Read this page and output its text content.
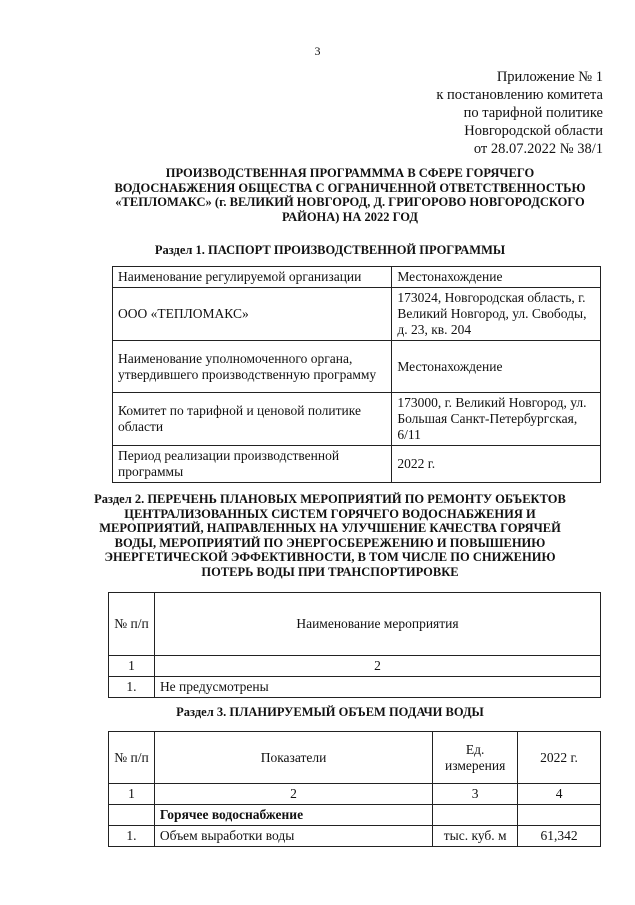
3
Приложение № 1
к постановлению комитета
по тарифной политике
Новгородской области
от 28.07.2022 № 38/1
ПРОИЗВОДСТВЕННАЯ ПРОГРАМММА В СФЕРЕ ГОРЯЧЕГО
ВОДОСНАБЖЕНИЯ ОБЩЕСТВА С ОГРАНИЧЕННОЙ ОТВЕТСТВЕННОСТЬЮ
«ТЕПЛОМАКС» (г. ВЕЛИКИЙ НОВГОРОД, Д. ГРИГОРОВО НОВГОРОДСКОГО
РАЙОНА) НА 2022 ГОД
Раздел 1. ПАСПОРТ ПРОИЗВОДСТВЕННОЙ ПРОГРАММЫ
Наименование регулируемой организации	Местонахождение
ООО «ТЕПЛОМАКС»	173024, Новгородская область, г. Великий Новгород, ул. Свободы, д. 23, кв. 204
Наименование уполномоченного органа, утвердившего производственную программу	Местонахождение
Комитет по тарифной и ценовой политике области	173000, г. Великий Новгород, ул. Большая Санкт-Петербургская, 6/11
Период реализации производственной программы	2022 г.
Раздел 2. ПЕРЕЧЕНЬ ПЛАНОВЫХ МЕРОПРИЯТИЙ ПО РЕМОНТУ ОБЪЕКТОВ
ЦЕНТРАЛИЗОВАННЫХ СИСТЕМ ГОРЯЧЕГО ВОДОСНАБЖЕНИЯ И
МЕРОПРИЯТИЙ, НАПРАВЛЕННЫХ НА УЛУЧШЕНИЕ КАЧЕСТВА ГОРЯЧЕЙ
ВОДЫ, МЕРОПРИЯТИЙ ПО ЭНЕРГОСБЕРЕЖЕНИЮ И ПОВЫШЕНИЮ
ЭНЕРГЕТИЧЕСКОЙ ЭФФЕКТИВНОСТИ, В ТОМ ЧИСЛЕ ПО СНИЖЕНИЮ
ПОТЕРЬ ВОДЫ ПРИ ТРАНСПОРТИРОВКЕ
№ п/п	Наименование мероприятия
1	2
1.	Не предусмотрены
Раздел 3. ПЛАНИРУЕМЫЙ ОБЪЕМ ПОДАЧИ ВОДЫ
№ п/п	Показатели	Ед. измерения	2022 г.
1	2	3	4
	Горячее водоснабжение		
1.	Объем выработки воды	тыс. куб. м	61,342
